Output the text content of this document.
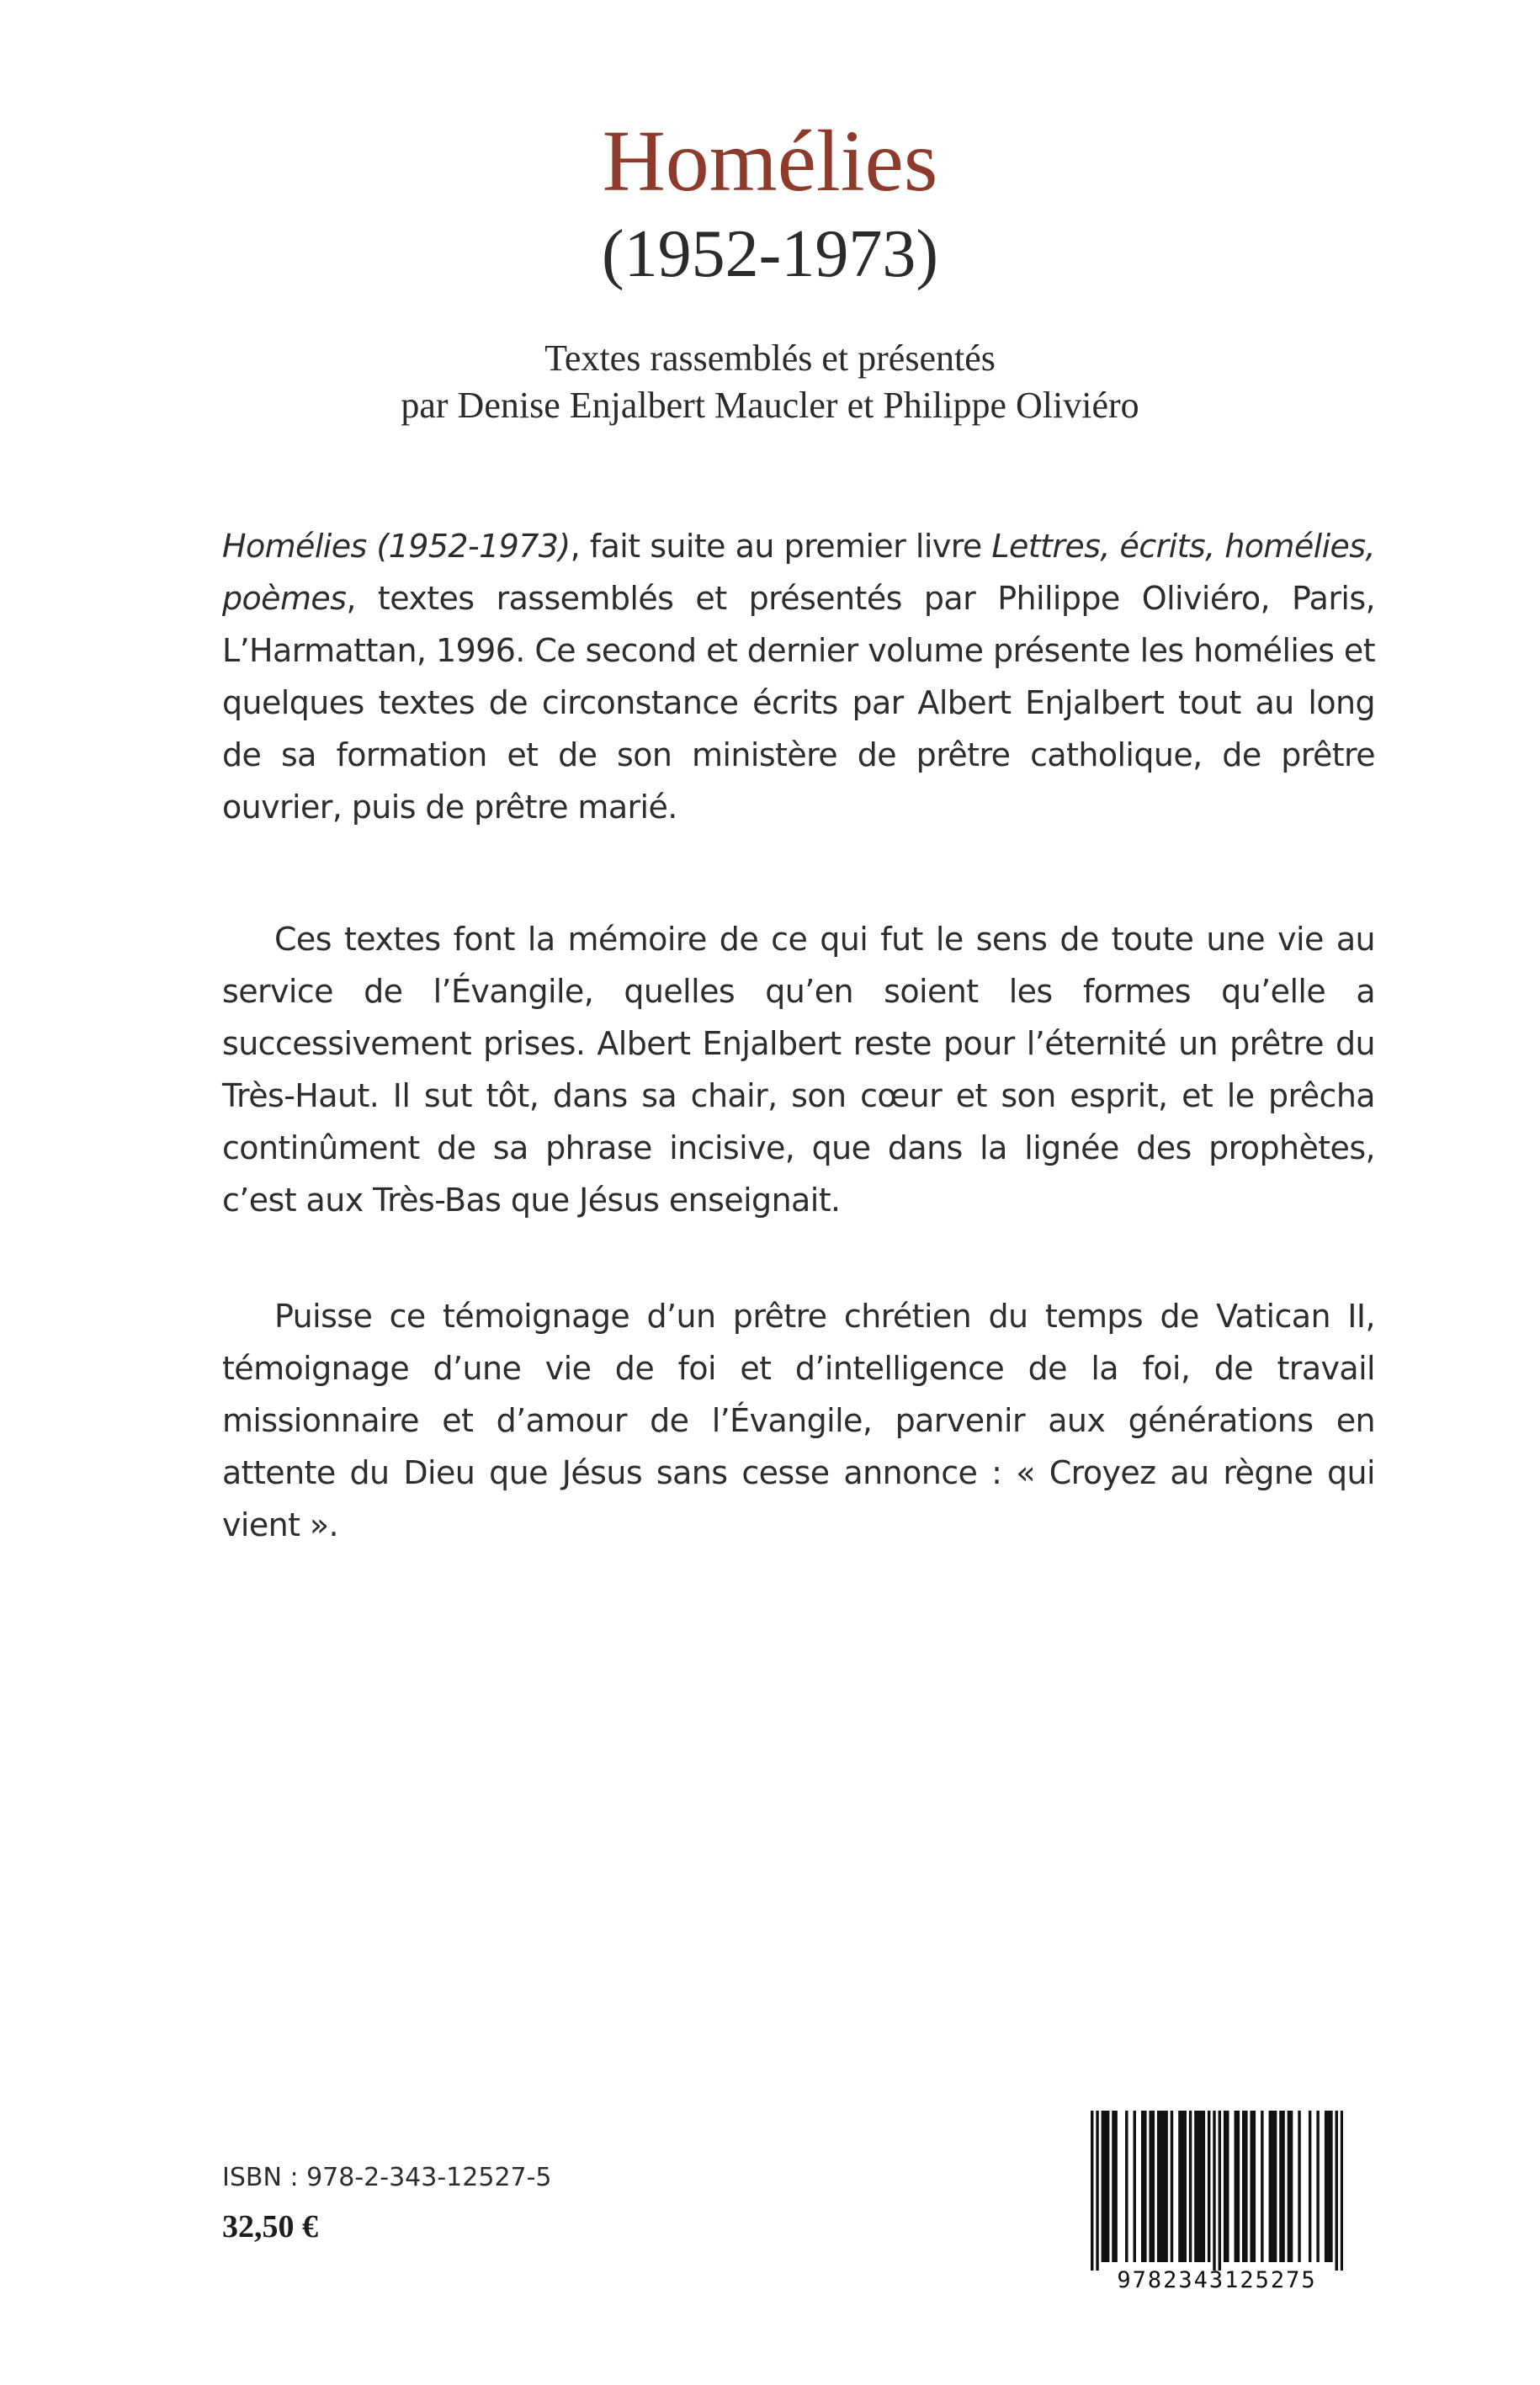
Homélies
(1952-1973)
Textes rassemblés et présentés
par Denise Enjalbert Maucler et Philippe Oliviéro

Homélies (1952-1973), fait suite au premier livre Lettres, écrits, homélies, poèmes, textes rassemblés et présentés par Philippe Oliviéro, Paris, L’Harmattan, 1996. Ce second et dernier volume présente les homélies et quelques textes de circonstance écrits par Albert Enjalbert tout au long de sa formation et de son ministère de prêtre catholique, de prêtre ouvrier, puis de prêtre marié.

Ces textes font la mémoire de ce qui fut le sens de toute une vie au service de l’Évangile, quelles qu’en soient les formes qu’elle a successivement prises. Albert Enjalbert reste pour l’éternité un prêtre du Très-Haut. Il sut tôt, dans sa chair, son cœur et son esprit, et le prêcha continûment de sa phrase incisive, que dans la lignée des prophètes, c’est aux Très-Bas que Jésus enseignait.

Puisse ce témoignage d’un prêtre chrétien du temps de Vatican II, témoignage d’une vie de foi et d’intelligence de la foi, de travail missionnaire et d’amour de l’Évangile, parvenir aux générations en attente du Dieu que Jésus sans cesse annonce : « Croyez au règne qui vient ».

ISBN : 978-2-343-12527-5
32,50 €
9782343125275
